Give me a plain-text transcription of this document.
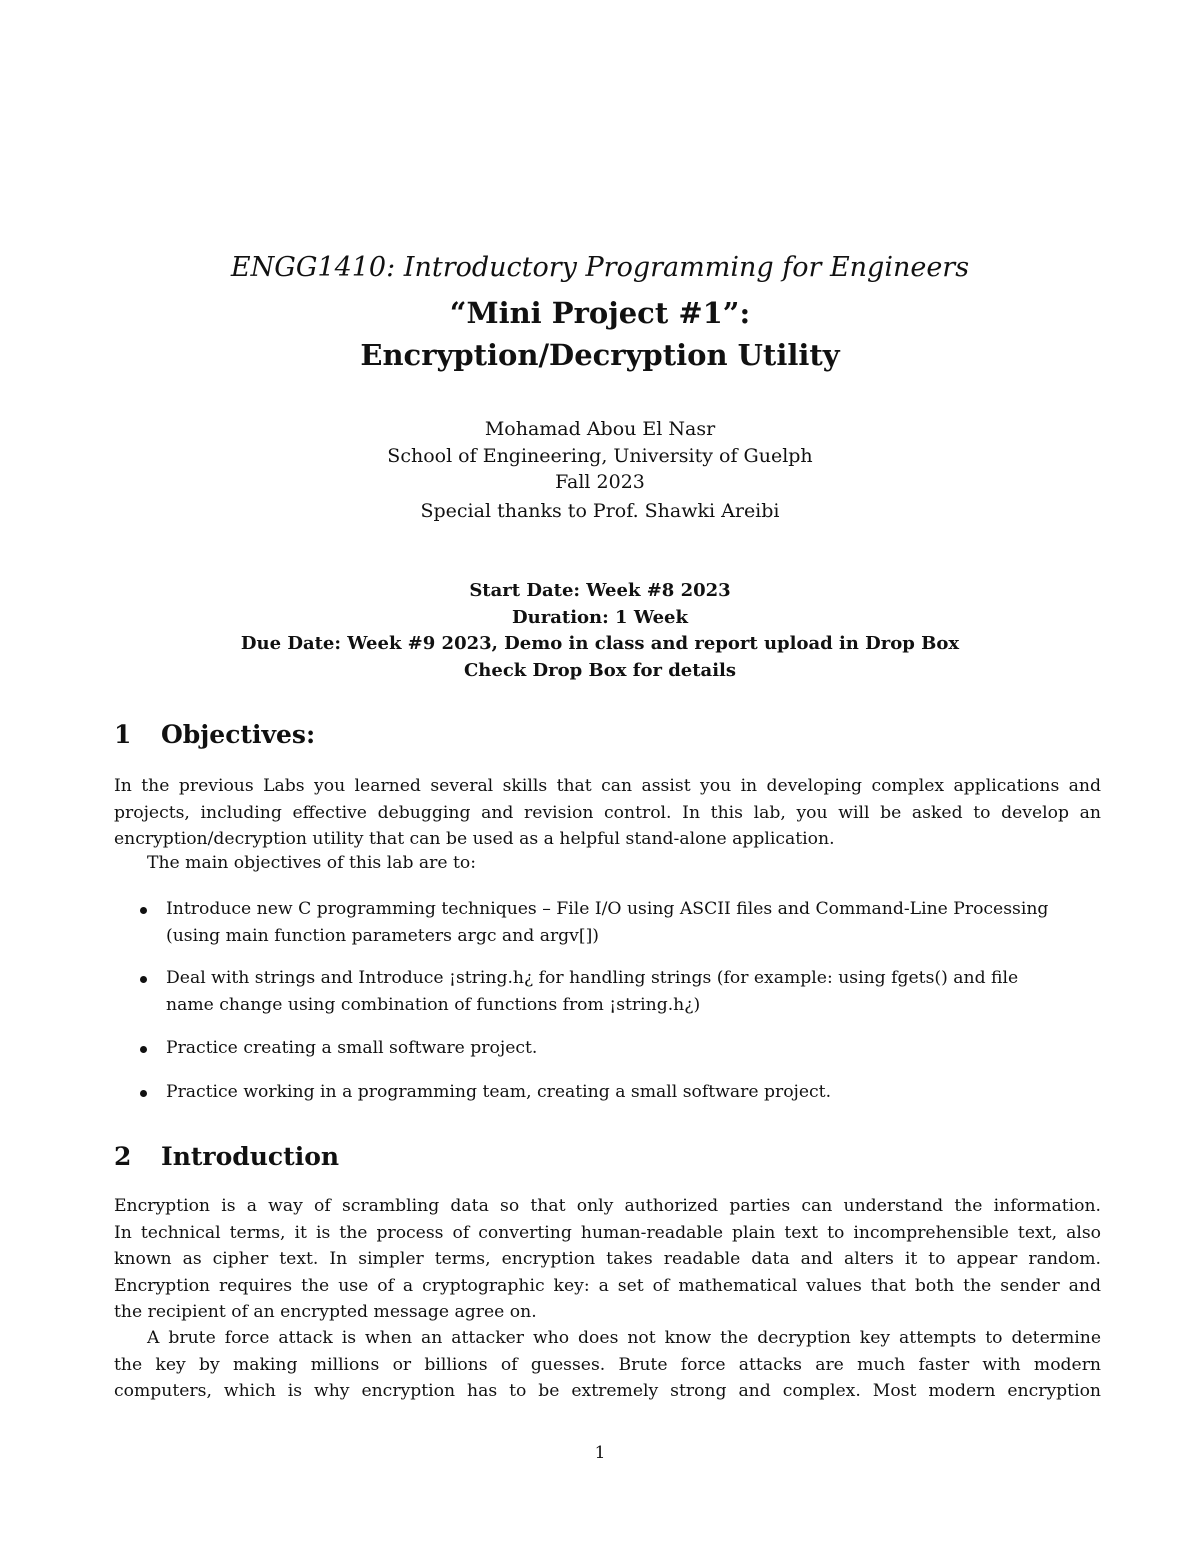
ENGG1410: Introductory Programming for Engineers
“Mini Project #1”:
Encryption/Decryption Utility
Mohamad Abou El Nasr
School of Engineering, University of Guelph
Fall 2023
Special thanks to Prof. Shawki Areibi
Start Date: Week #8 2023
Duration: 1 Week
Due Date: Week #9 2023, Demo in class and report upload in Drop Box
Check Drop Box for details
1 Objectives:
In the previous Labs you learned several skills that can assist you in developing complex applications and
projects, including effective debugging and revision control. In this lab, you will be asked to develop an
encryption/decryption utility that can be used as a helpful stand-alone application.
The main objectives of this lab are to:
Introduce new C programming techniques – File I/O using ASCII files and Command-Line Processing
(using main function parameters argc and argv[])
Deal with strings and Introduce ¡string.h¿ for handling strings (for example: using fgets() and file
name change using combination of functions from ¡string.h¿)
Practice creating a small software project.
Practice working in a programming team, creating a small software project.
2 Introduction
Encryption is a way of scrambling data so that only authorized parties can understand the information.
In technical terms, it is the process of converting human-readable plain text to incomprehensible text, also
known as cipher text. In simpler terms, encryption takes readable data and alters it to appear random.
Encryption requires the use of a cryptographic key: a set of mathematical values that both the sender and
the recipient of an encrypted message agree on.
A brute force attack is when an attacker who does not know the decryption key attempts to determine
the key by making millions or billions of guesses. Brute force attacks are much faster with modern
computers, which is why encryption has to be extremely strong and complex. Most modern encryption
1
